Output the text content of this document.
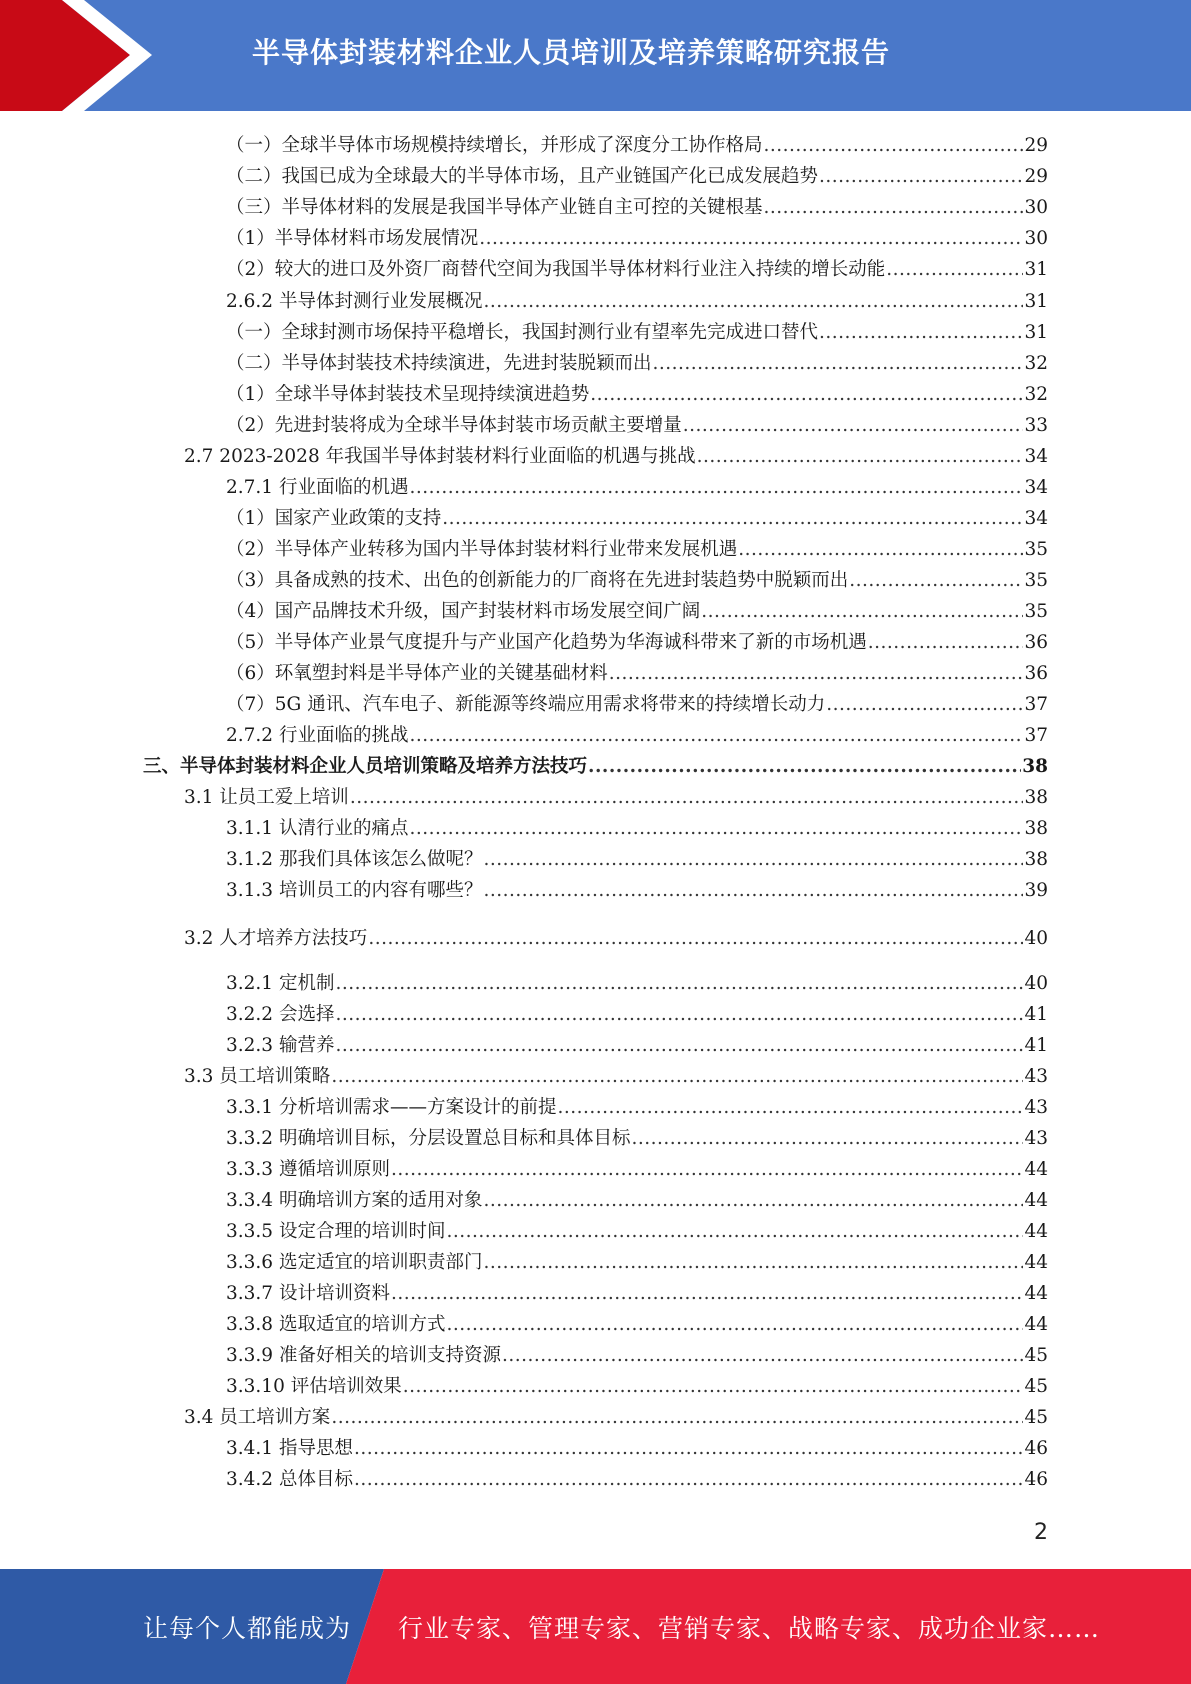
半导体封装材料企业人员培训及培养策略研究报告
（一）全球半导体市场规模持续增长，并形成了深度分工协作格局 .....	29
（二）我国已成为全球最大的半导体市场，且产业链国产化已成发展趋势 .....	29
（三）半导体材料的发展是我国半导体产业链自主可控的关键根基 .....	30
（1）半导体材料市场发展情况 .....	30
（2）较大的进口及外资厂商替代空间为我国半导体材料行业注入持续的增长动能 .....	31
2.6.2 半导体封测行业发展概况 .....	31
（一）全球封测市场保持平稳增长，我国封测行业有望率先完成进口替代 .....	31
（二）半导体封装技术持续演进，先进封装脱颖而出 .....	32
（1）全球半导体封装技术呈现持续演进趋势 .....	32
（2）先进封装将成为全球半导体封装市场贡献主要增量 .....	33
2.7 2023-2028 年我国半导体封装材料行业面临的机遇与挑战 .....	34
2.7.1 行业面临的机遇 .....	34
（1）国家产业政策的支持 .....	34
（2）半导体产业转移为国内半导体封装材料行业带来发展机遇 .....	35
（3）具备成熟的技术、出色的创新能力的厂商将在先进封装趋势中脱颖而出 .....	35
（4）国产品牌技术升级，国产封装材料市场发展空间广阔 .....	35
（5）半导体产业景气度提升与产业国产化趋势为华海诚科带来了新的市场机遇 .....	36
（6）环氧塑封料是半导体产业的关键基础材料 .....	36
（7）5G 通讯、汽车电子、新能源等终端应用需求将带来的持续增长动力 .....	37
2.7.2 行业面临的挑战 .....	37
三、半导体封装材料企业人员培训策略及培养方法技巧 .....	38
3.1 让员工爱上培训 .....	38
3.1.1 认清行业的痛点 .....	38
3.1.2 那我们具体该怎么做呢？ .....	38
3.1.3 培训员工的内容有哪些？ .....	39
3.2 人才培养方法技巧 .....	40
3.2.1 定机制 .....	40
3.2.2 会选择 .....	41
3.2.3 输营养 .....	41
3.3 员工培训策略 .....	43
3.3.1 分析培训需求——方案设计的前提 .....	43
3.3.2 明确培训目标，分层设置总目标和具体目标 .....	43
3.3.3 遵循培训原则 .....	44
3.3.4 明确培训方案的适用对象 .....	44
3.3.5 设定合理的培训时间 .....	44
3.3.6 选定适宜的培训职责部门 .....	44
3.3.7 设计培训资料 .....	44
3.3.8 选取适宜的培训方式 .....	44
3.3.9 准备好相关的培训支持资源 .....	45
3.3.10 评估培训效果 .....	45
3.4 员工培训方案 .....	45
3.4.1 指导思想 .....	46
3.4.2 总体目标 .....	46
2
让每个人都能成为 行业专家、管理专家、营销专家、战略专家、成功企业家……
